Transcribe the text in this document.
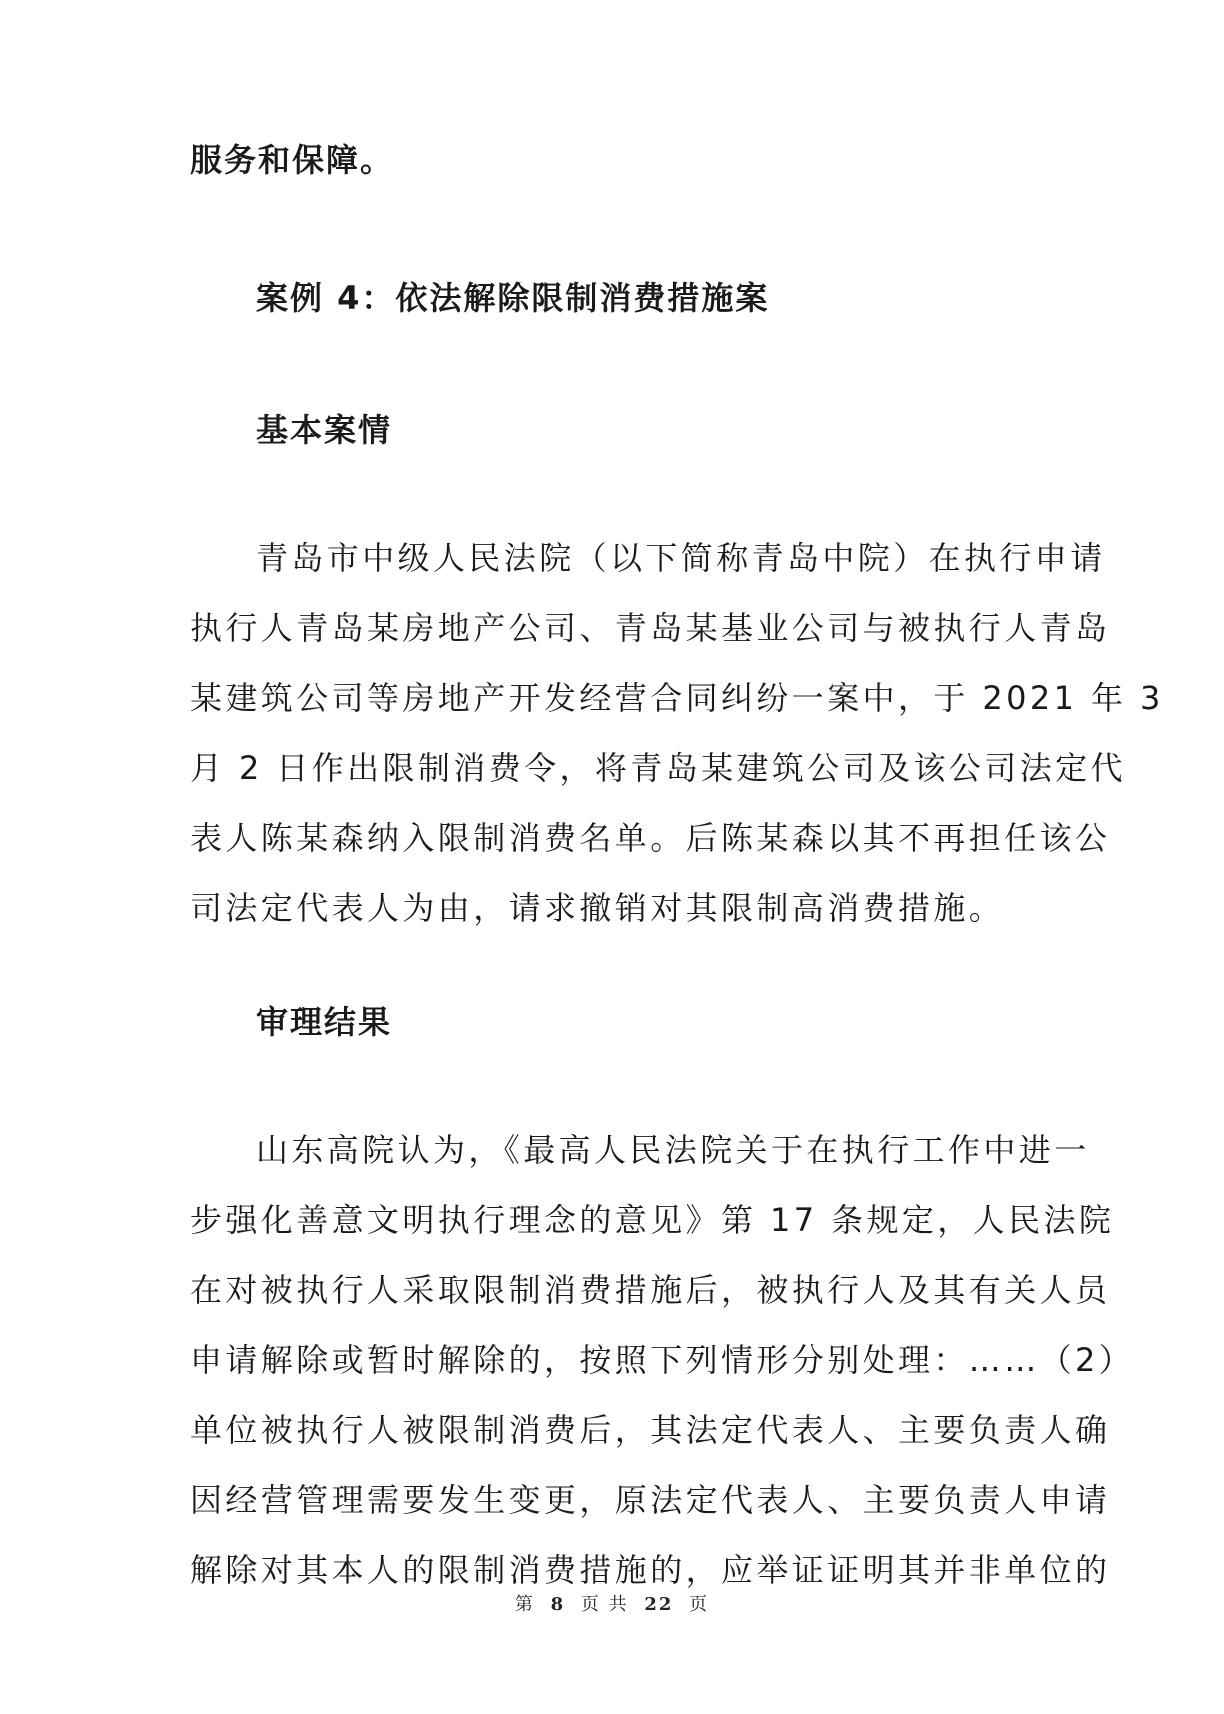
服务和保障。

案例 4：依法解除限制消费措施案

基本案情

青岛市中级人民法院（以下简称青岛中院）在执行申请

执行人青岛某房地产公司、青岛某基业公司与被执行人青岛

某建筑公司等房地产开发经营合同纠纷一案中，于 2021 年 3

月 2 日作出限制消费令，将青岛某建筑公司及该公司法定代

表人陈某森纳入限制消费名单。后陈某森以其不再担任该公

司法定代表人为由，请求撤销对其限制高消费措施。

审理结果

山东高院认为，《最高人民法院关于在执行工作中进一

步强化善意文明执行理念的意见》第 17 条规定，人民法院

在对被执行人采取限制消费措施后，被执行人及其有关人员

申请解除或暂时解除的，按照下列情形分别处理：……（2）

单位被执行人被限制消费后，其法定代表人、主要负责人确

因经营管理需要发生变更，原法定代表人、主要负责人申请

解除对其本人的限制消费措施的，应举证证明其并非单位的

第 8 页 共 22 页
